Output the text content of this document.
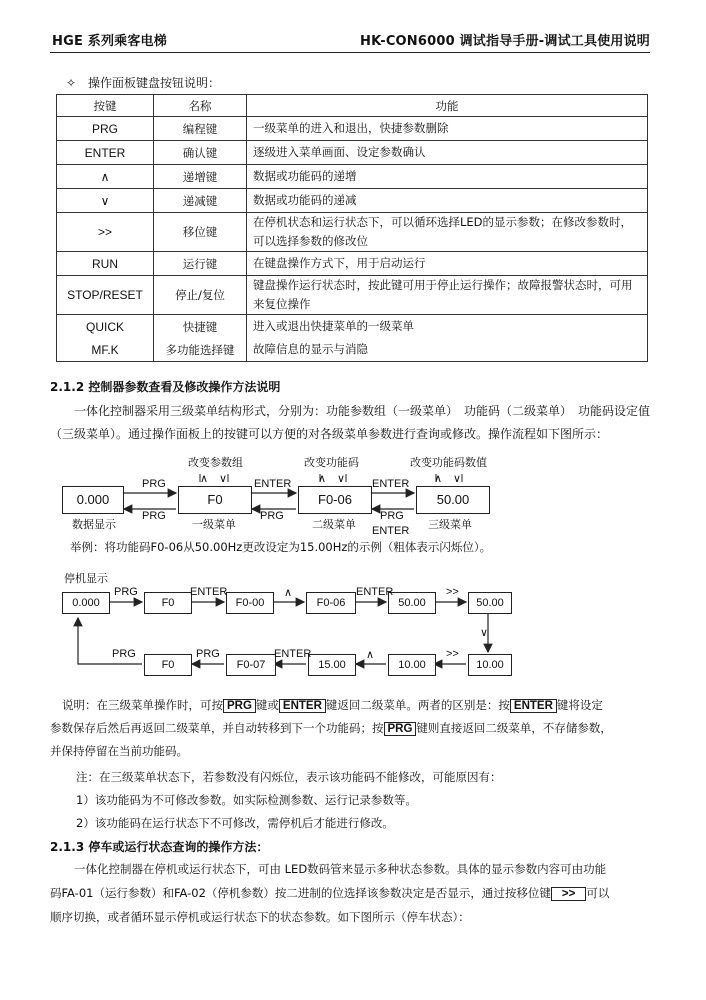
HGE 系列乘客电梯	HK-CON6000 调试指导手册-调试工具使用说明
✧　操作面板键盘按钮说明：
按键	名称	功能
PRG	编程键	一级菜单的进入和退出，快捷参数删除
ENTER	确认键	逐级进入菜单画面、设定参数确认
∧	递增键	数据或功能码的递增
∨	递减键	数据或功能码的递减
>>	移位键	在停机状态和运行状态下，可以循环选择LED的显示参数；在修改参数时，可以选择参数的修改位
RUN	运行键	在键盘操作方式下，用于启动运行
STOP/RESET	停止/复位	键盘操作运行状态时，按此键可用于停止运行操作；故障报警状态时，可用来复位操作
QUICK	快捷键	进入或退出快捷菜单的一级菜单
MF.K	多功能选择键	故障信息的显示与消隐
2.1.2 控制器参数查看及修改操作方法说明
一体化控制器采用三级菜单结构形式，分别为：功能参数组（一级菜单）　功能码（二级菜单）　功能码设定值（三级菜单）。通过操作面板上的按键可以方便的对各级菜单参数进行查询或修改。操作流程如下图所示：
改变参数组	改变功能码	改变功能码数值
∧　∨	∧　∨	∧　∨
0.000	F0	F0-06	50.00
数据显示	一级菜单	二级菜单	三级菜单
PRG	ENTER	ENTER
PRG	PRG	PRG
ENTER
举例：将功能码F0-06从50.00Hz更改设定为15.00Hz的示例（粗体表示闪烁位）。
停机显示
0.000	F0	F0-00	F0-06	50.00	50.00
PRG	ENTER	∧	ENTER	>>
∨
F0	F0-07	15.00	10.00	10.00
PRG	PRG	ENTER	∧	>>
说明：在三级菜单操作时，可按 PRG 键或 ENTER 键返回二级菜单。两者的区别是：按 ENTER 键将设定
参数保存后然后再返回二级菜单，并自动转移到下一个功能码；按 PRG 键则直接返回二级菜单，不存储参数，
并保持停留在当前功能码。
注：在三级菜单状态下，若参数没有闪烁位，表示该功能码不能修改，可能原因有：
1）该功能码为不可修改参数。如实际检测参数、运行记录参数等。
2）该功能码在运行状态下不可修改，需停机后才能进行修改。
2.1.3 停车或运行状态查询的操作方法：
一体化控制器在停机或运行状态下，可由 LED数码管来显示多种状态参数。具体的显示参数内容可由功能
码FA-01（运行参数）和FA-02（停机参数）按二进制的位选择该参数决定是否显示，通过按移位键 >> 可以
顺序切换，或者循环显示停机或运行状态下的状态参数。如下图所示（停车状态）：
